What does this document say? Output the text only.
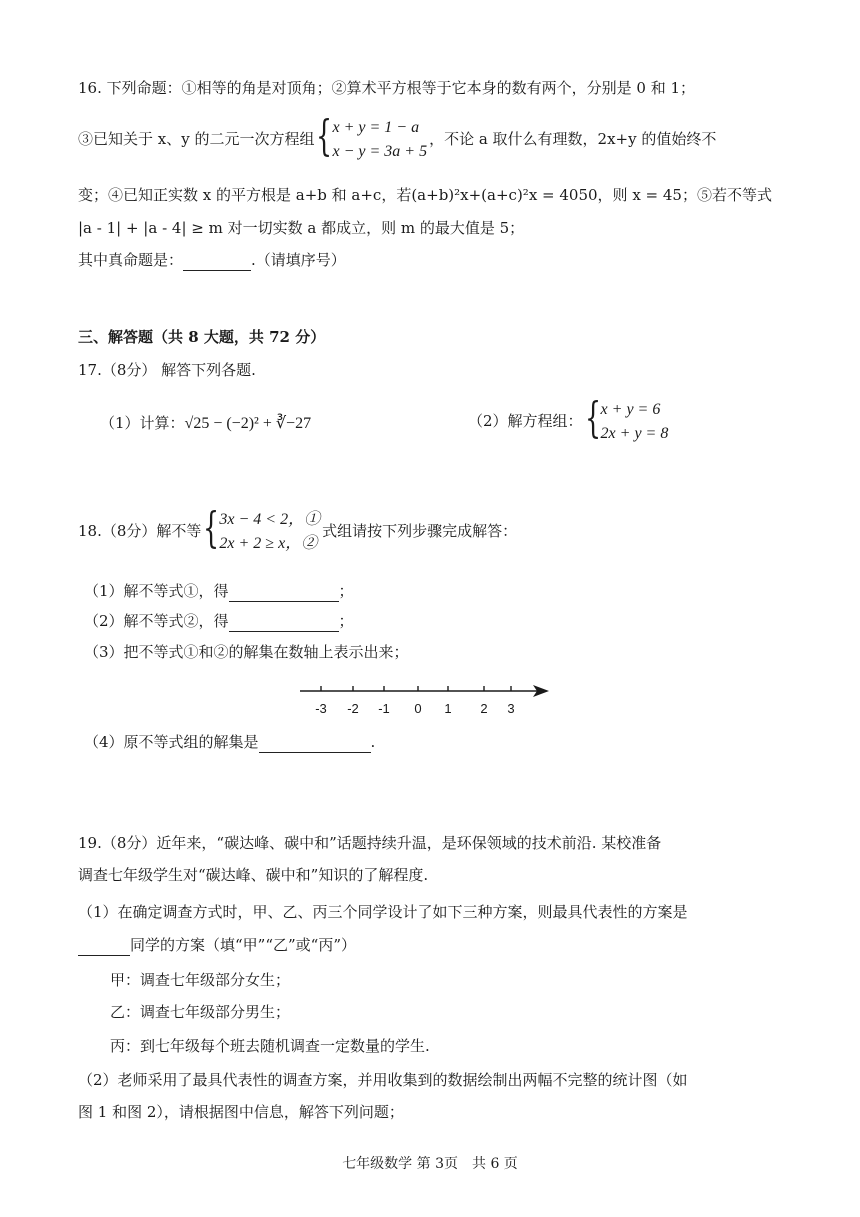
16. 下列命题：①相等的角是对顶角；②算术平方根等于它本身的数有两个，分别是 0 和 1；
③已知关于 x、y 的二元一次方程组 { x + y = 1 − a
x − y = 3a + 5
，不论 a 取什么有理数，2x+y 的值始终不
变；④已知正实数 x 的平方根是 a+b 和 a+c，若(a+b)²x+(a+c)²x = 4050，则 x = 45；⑤若不等式
|a - 1| + |a - 4| ≥ m 对一切实数 a 都成立，则 m 的最大值是 5；
其中真命题是：	.（请填序号）
三、解答题（共 8 大题，共 72 分）
17.（8分） 解答下列各题.
（1）计算：√25 − (−2)² + ∛−27	（2）解方程组： { x + y = 6
2x + y = 8
18.（8分）解不等 { 3x − 4 < 2，①
2x + 2 ≥ x，②
式组请按下列步骤完成解答：
（1）解不等式①，得	；
（2）解不等式②，得	；
（3）把不等式①和②的解集在数轴上表示出来；
-3 -2 -1 0 1 2 3
（4）原不等式组的解集是	.
19.（8分）近年来，“碳达峰、碳中和”话题持续升温，是环保领域的技术前沿. 某校准备
调查七年级学生对“碳达峰、碳中和”知识的了解程度.
（1）在确定调查方式时，甲、乙、丙三个同学设计了如下三种方案，则最具代表性的方案是
同学的方案（填“甲”“乙”或“丙”）
甲：调查七年级部分女生；
乙：调查七年级部分男生；
丙：到七年级每个班去随机调查一定数量的学生.
（2）老师采用了最具代表性的调查方案，并用收集到的数据绘制出两幅不完整的统计图（如
图 1 和图 2），请根据图中信息，解答下列问题；
七年级数学 第 3页　共 6 页
